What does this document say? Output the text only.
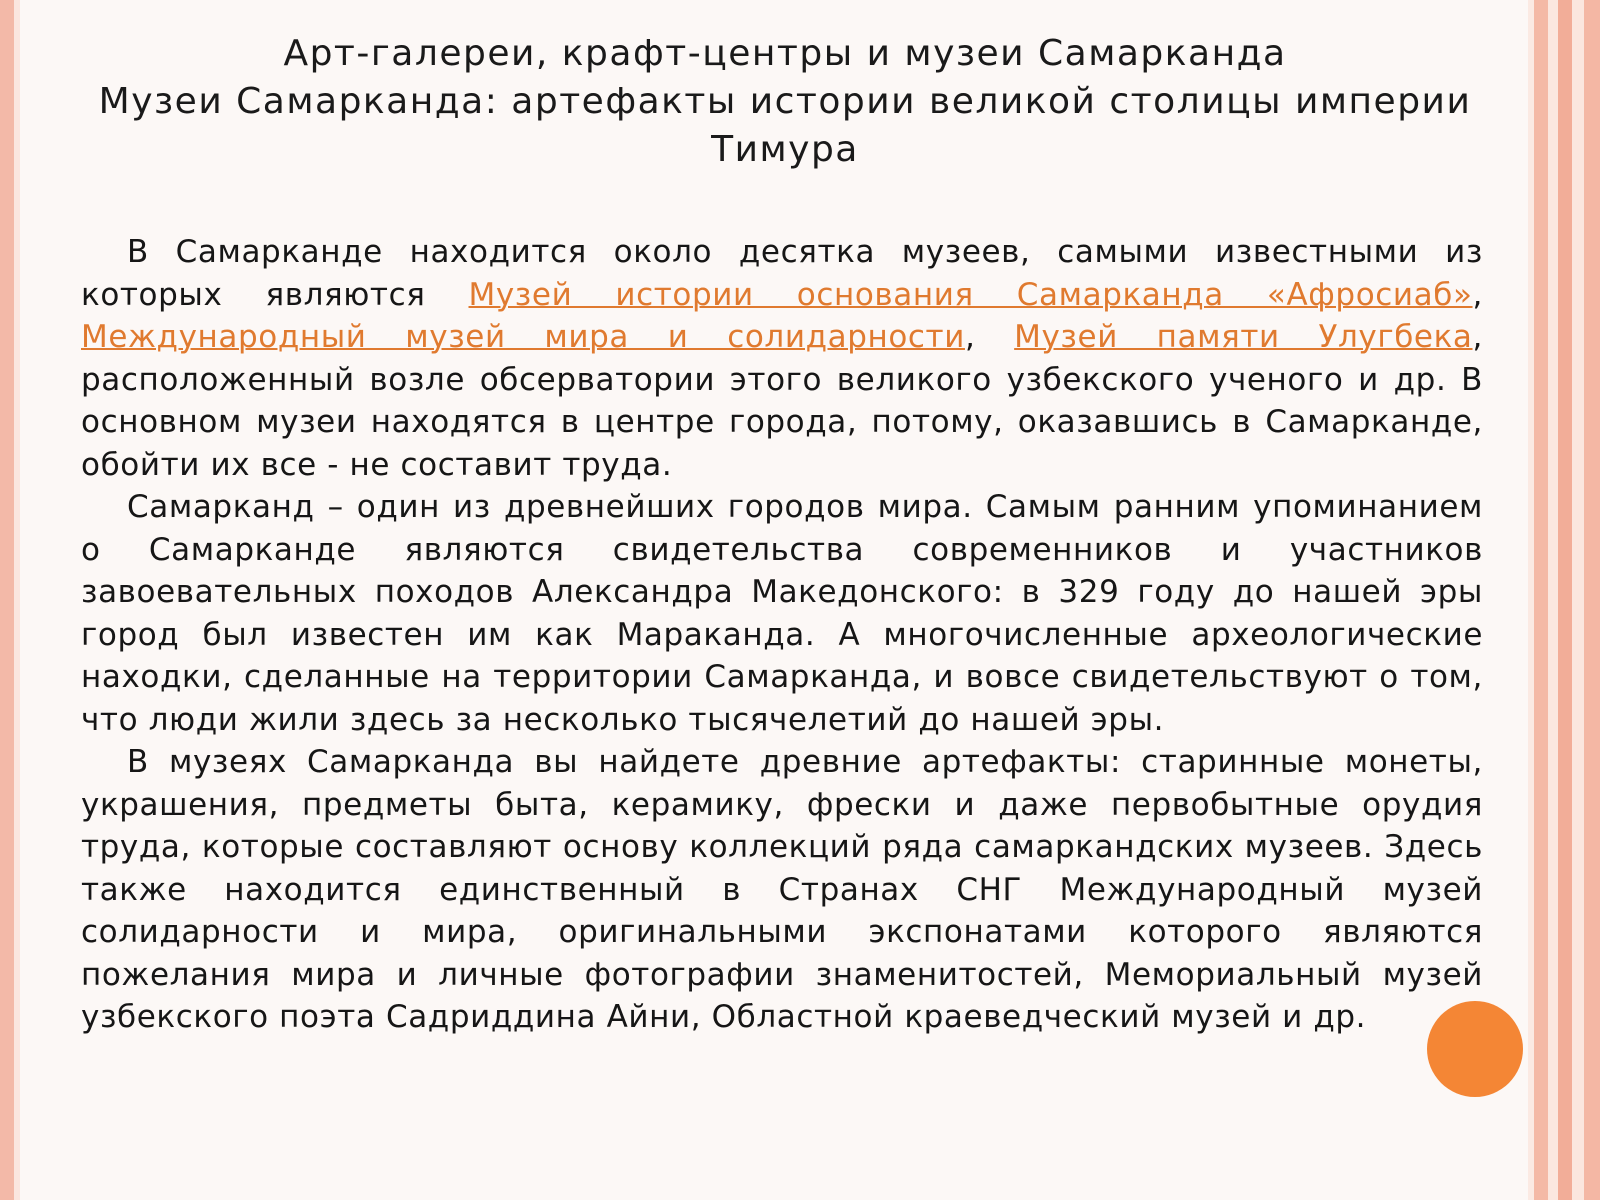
Арт-галереи, крафт-центры и музеи Самарканда
Музеи Самарканда: артефакты истории великой столицы империи Тимура

В Самарканде находится около десятка музеев, самыми известными из которых являются Музей истории основания Самарканда «Афросиаб», Международный музей мира и солидарности, Музей памяти Улугбека, расположенный возле обсерватории этого великого узбекского ученого и др. В основном музеи находятся в центре города, потому, оказавшись в Самарканде, обойти их все - не составит труда.

Самарканд – один из древнейших городов мира. Самым ранним упоминанием о Самарканде являются свидетельства современников и участников завоевательных походов Александра Македонского: в 329 году до нашей эры город был известен им как Мараканда. А многочисленные археологические находки, сделанные на территории Самарканда, и вовсе свидетельствуют о том, что люди жили здесь за несколько тысячелетий до нашей эры.

В музеях Самарканда вы найдете древние артефакты: старинные монеты, украшения, предметы быта, керамику, фрески и даже первобытные орудия труда, которые составляют основу коллекций ряда самаркандских музеев. Здесь также находится единственный в Странах СНГ Международный музей солидарности и мира, оригинальными экспонатами которого являются пожелания мира и личные фотографии знаменитостей, Мемориальный музей узбекского поэта Садриддина Айни, Областной краеведческий музей и др.
